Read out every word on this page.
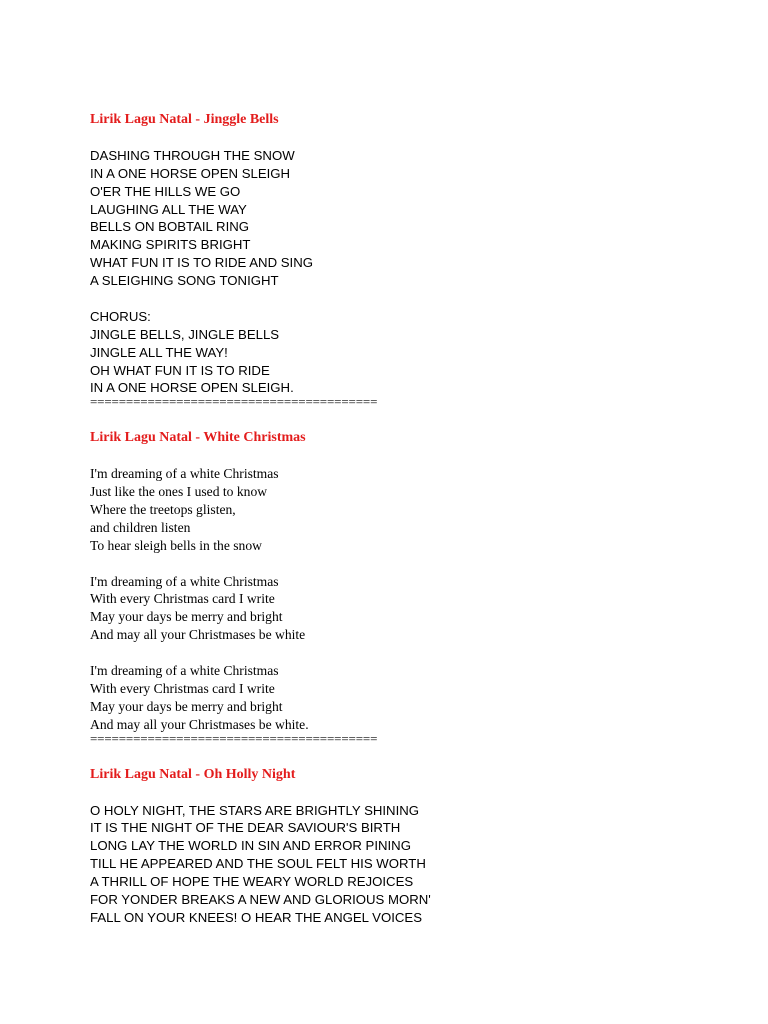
Lirik Lagu Natal - Jinggle Bells
DASHING THROUGH THE SNOW
IN A ONE HORSE OPEN SLEIGH
O'ER THE HILLS WE GO
LAUGHING ALL THE WAY
BELLS ON BOBTAIL RING
MAKING SPIRITS BRIGHT
WHAT FUN IT IS TO RIDE AND SING
A SLEIGHING SONG TONIGHT
CHORUS:
JINGLE BELLS, JINGLE BELLS
JINGLE ALL THE WAY!
OH WHAT FUN IT IS TO RIDE
IN A ONE HORSE OPEN SLEIGH.
========================================
Lirik Lagu Natal - White Christmas
I'm dreaming of a white Christmas
Just like the ones I used to know
Where the treetops glisten,
and children listen
To hear sleigh bells in the snow
I'm dreaming of a white Christmas
With every Christmas card I write
May your days be merry and bright
And may all your Christmases be white
I'm dreaming of a white Christmas
With every Christmas card I write
May your days be merry and bright
And may all your Christmases be white.
========================================
Lirik Lagu Natal - Oh Holly Night
O HOLY NIGHT, THE STARS ARE BRIGHTLY SHINING
IT IS THE NIGHT OF THE DEAR SAVIOUR'S BIRTH
LONG LAY THE WORLD IN SIN AND ERROR PINING
TILL HE APPEARED AND THE SOUL FELT HIS WORTH
A THRILL OF HOPE THE WEARY WORLD REJOICES
FOR YONDER BREAKS A NEW AND GLORIOUS MORN'
FALL ON YOUR KNEES! O HEAR THE ANGEL VOICES
